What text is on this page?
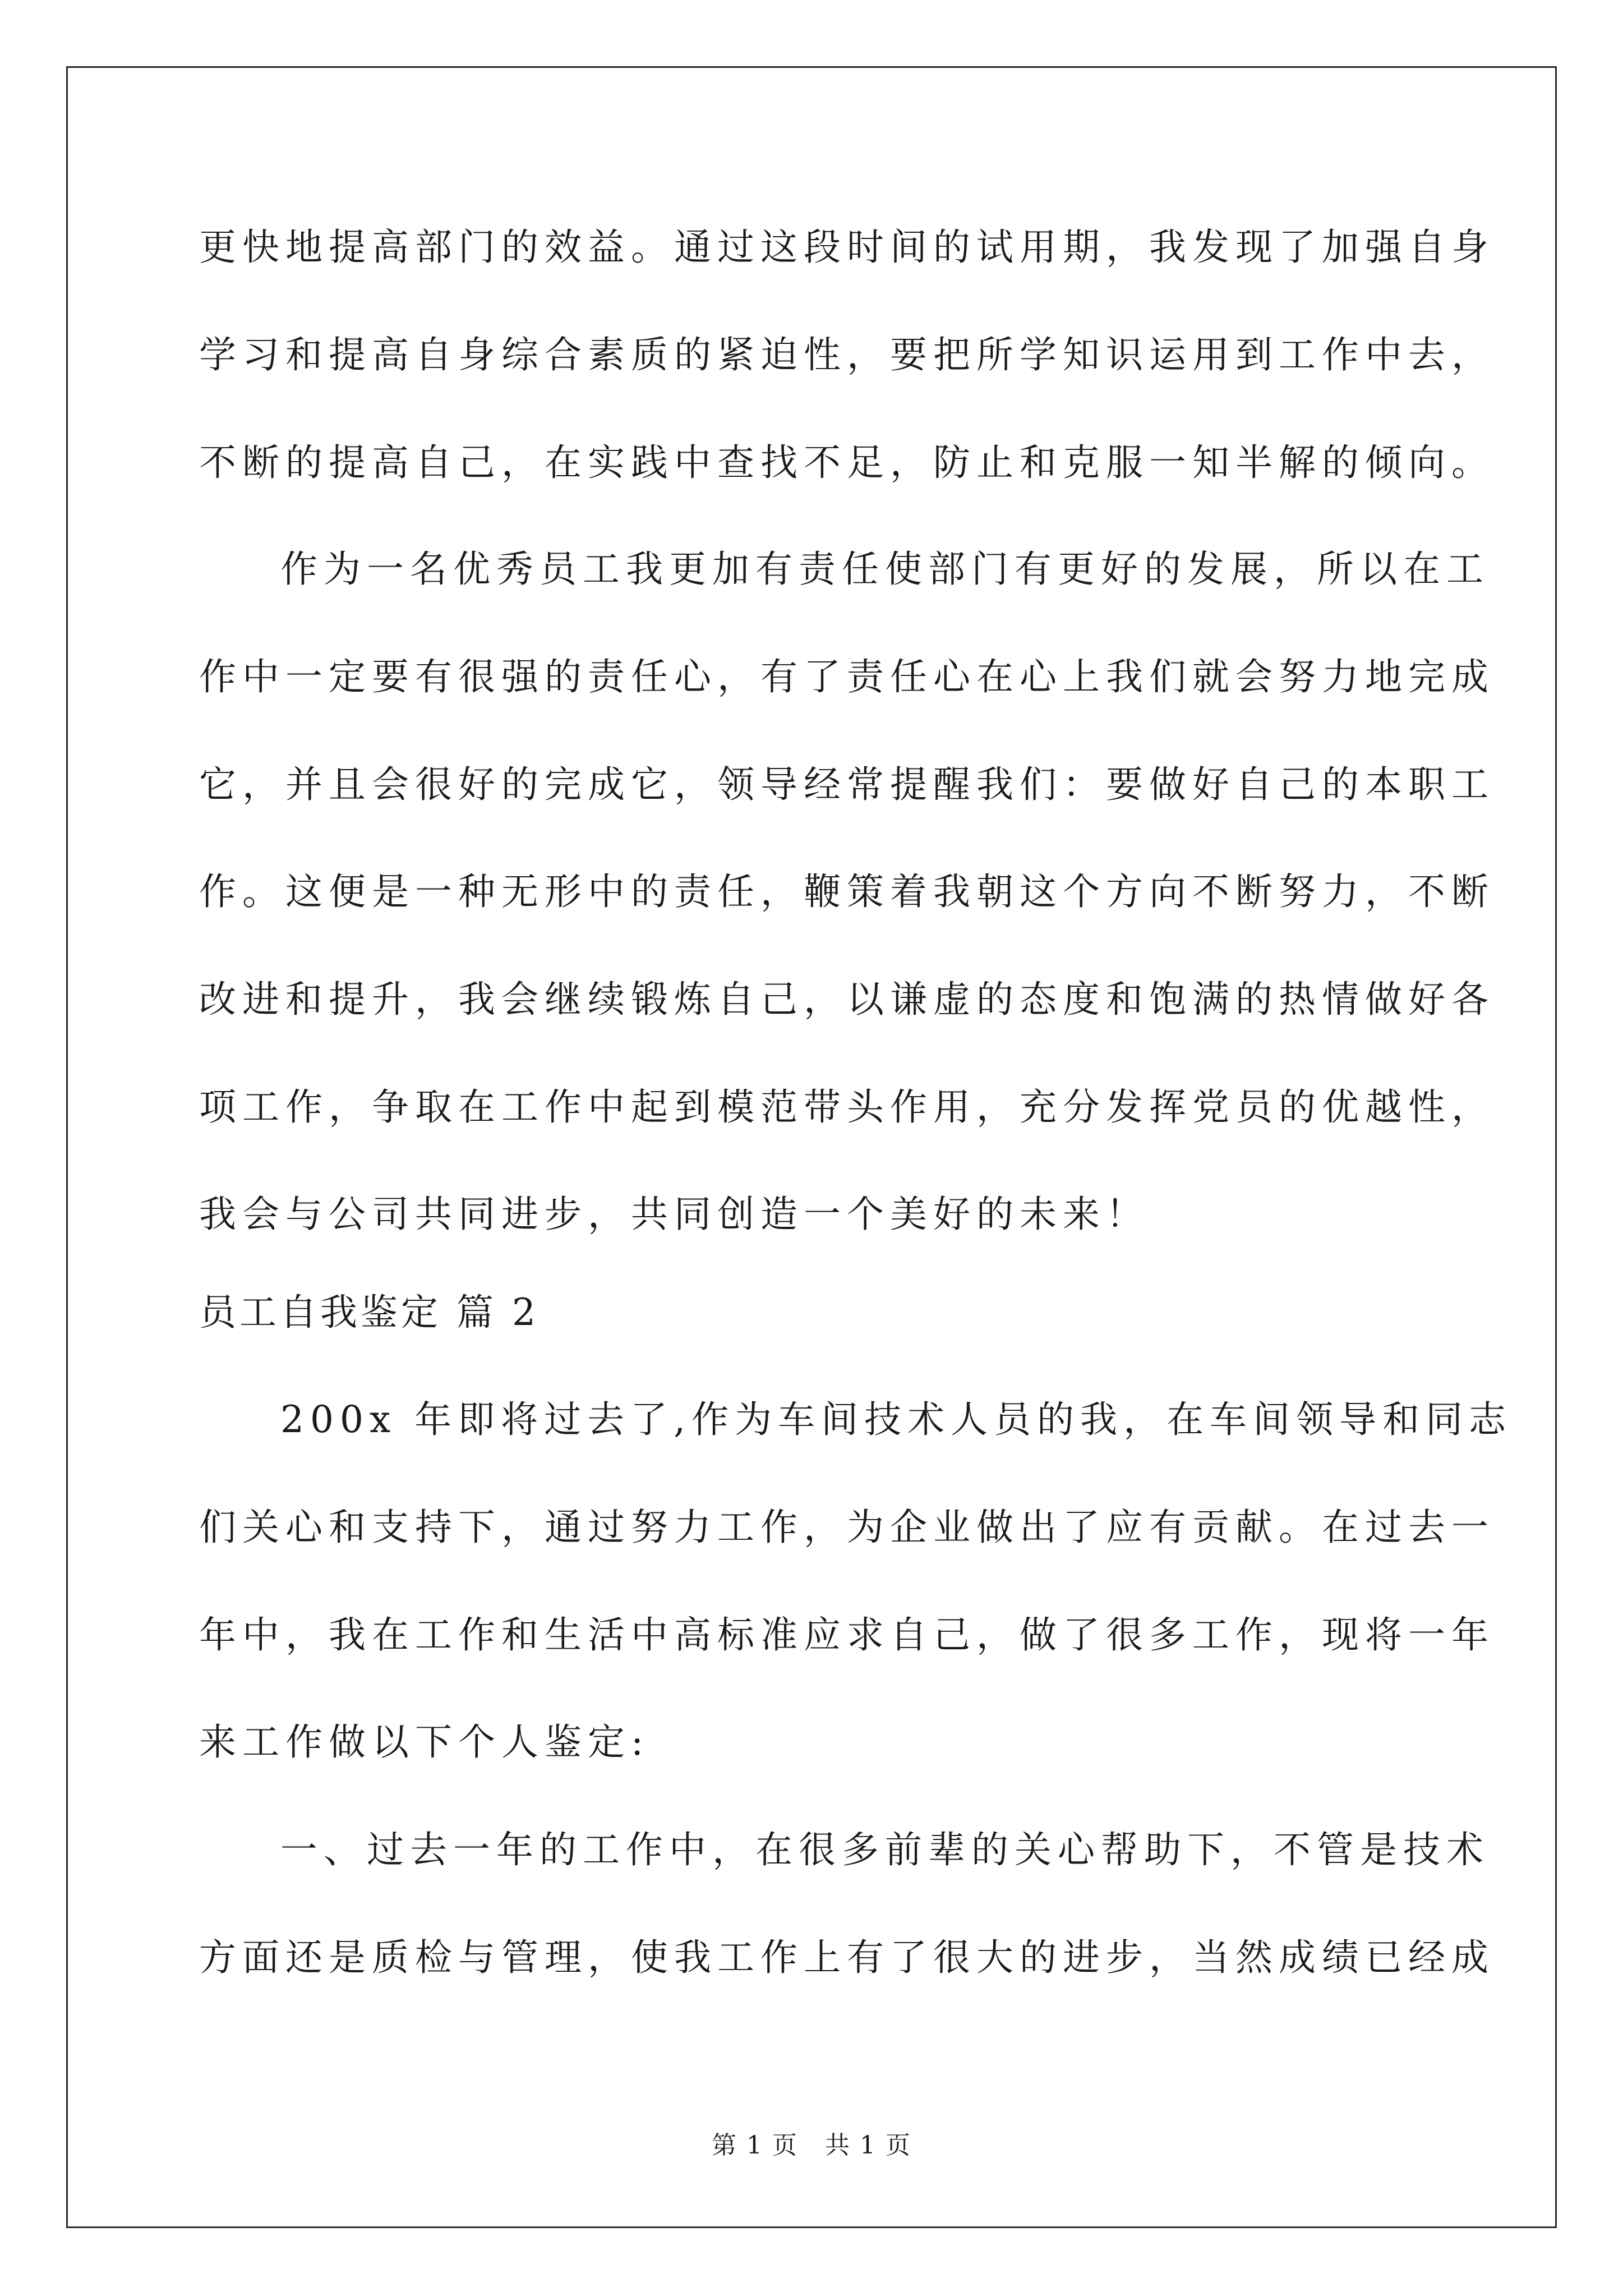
更快地提高部门的效益。通过这段时间的试用期，我发现了加强自身
学习和提高自身综合素质的紧迫性，要把所学知识运用到工作中去，
不断的提高自己，在实践中查找不足，防止和克服一知半解的倾向。
作为一名优秀员工我更加有责任使部门有更好的发展，所以在工
作中一定要有很强的责任心，有了责任心在心上我们就会努力地完成
它，并且会很好的完成它，领导经常提醒我们：要做好自己的本职工
作。这便是一种无形中的责任，鞭策着我朝这个方向不断努力，不断
改进和提升，我会继续锻炼自己，以谦虚的态度和饱满的热情做好各
项工作，争取在工作中起到模范带头作用，充分发挥党员的优越性，
我会与公司共同进步，共同创造一个美好的未来！
员工自我鉴定 篇 2
200x 年即将过去了,作为车间技术人员的我，在车间领导和同志
们关心和支持下，通过努力工作，为企业做出了应有贡献。在过去一
年中，我在工作和生活中高标准应求自己，做了很多工作，现将一年
来工作做以下个人鉴定:
一、过去一年的工作中，在很多前辈的关心帮助下，不管是技术
方面还是质检与管理，使我工作上有了很大的进步，当然成绩已经成
第 1 页   共 1 页
